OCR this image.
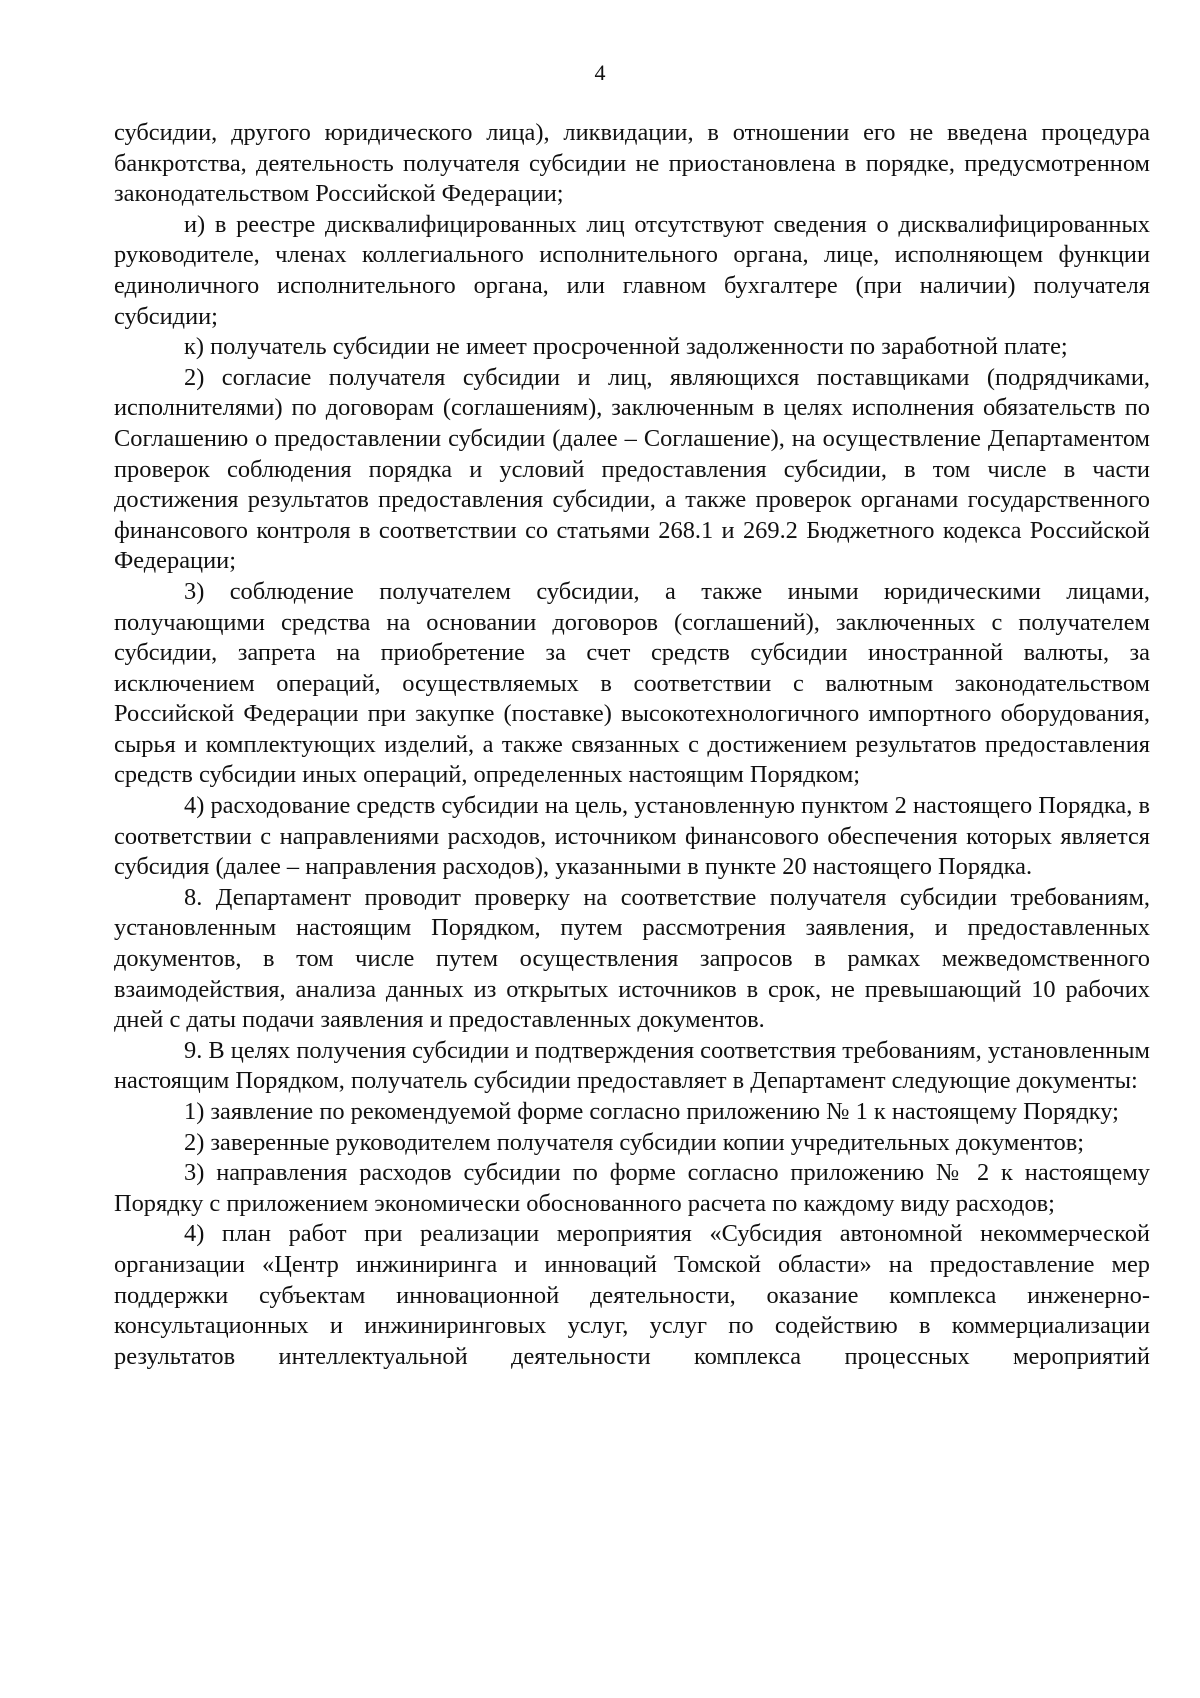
4

субсидии, другого юридического лица), ликвидации, в отношении его не введена процедура банкротства, деятельность получателя субсидии не приостановлена в порядке, предусмотренном законодательством Российской Федерации;

и) в реестре дисквалифицированных лиц отсутствуют сведения о дисквалифицированных руководителе, членах коллегиального исполнительного органа, лице, исполняющем функции единоличного исполнительного органа, или главном бухгалтере (при наличии) получателя субсидии;

к) получатель субсидии не имеет просроченной задолженности по заработной плате;

2) согласие получателя субсидии и лиц, являющихся поставщиками (подрядчиками, исполнителями) по договорам (соглашениям), заключенным в целях исполнения обязательств по Соглашению о предоставлении субсидии (далее – Соглашение), на осуществление Департаментом проверок соблюдения порядка и условий предоставления субсидии, в том числе в части достижения результатов предоставления субсидии, а также проверок органами государственного финансового контроля в соответствии со статьями 268.1 и 269.2 Бюджетного кодекса Российской Федерации;

3) соблюдение получателем субсидии, а также иными юридическими лицами, получающими средства на основании договоров (соглашений), заключенных с получателем субсидии, запрета на приобретение за счет средств субсидии иностранной валюты, за исключением операций, осуществляемых в соответствии с валютным законодательством Российской Федерации при закупке (поставке) высокотехнологичного импортного оборудования, сырья и комплектующих изделий, а также связанных с достижением результатов предоставления средств субсидии иных операций, определенных настоящим Порядком;

4) расходование средств субсидии на цель, установленную пунктом 2 настоящего Порядка, в соответствии с направлениями расходов, источником финансового обеспечения которых является субсидия (далее – направления расходов), указанными в пункте 20 настоящего Порядка.

8. Департамент проводит проверку на соответствие получателя субсидии требованиям, установленным настоящим Порядком, путем рассмотрения заявления, и предоставленных документов, в том числе путем осуществления запросов в рамках межведомственного взаимодействия, анализа данных из открытых источников в срок, не превышающий 10 рабочих дней с даты подачи заявления и предоставленных документов.

9. В целях получения субсидии и подтверждения соответствия требованиям, установленным настоящим Порядком, получатель субсидии предоставляет в Департамент следующие документы:

1) заявление по рекомендуемой форме согласно приложению № 1 к настоящему Порядку;

2) заверенные руководителем получателя субсидии копии учредительных документов;

3) направления расходов субсидии по форме согласно приложению № 2 к настоящему Порядку с приложением экономически обоснованного расчета по каждому виду расходов;

4) план работ при реализации мероприятия «Субсидия автономной некоммерческой организации «Центр инжиниринга и инноваций Томской области» на предоставление мер поддержки субъектам инновационной деятельности, оказание комплекса инженерно-консультационных и инжиниринговых услуг, услуг по содействию в коммерциализации результатов интеллектуальной деятельности комплекса процессных мероприятий
